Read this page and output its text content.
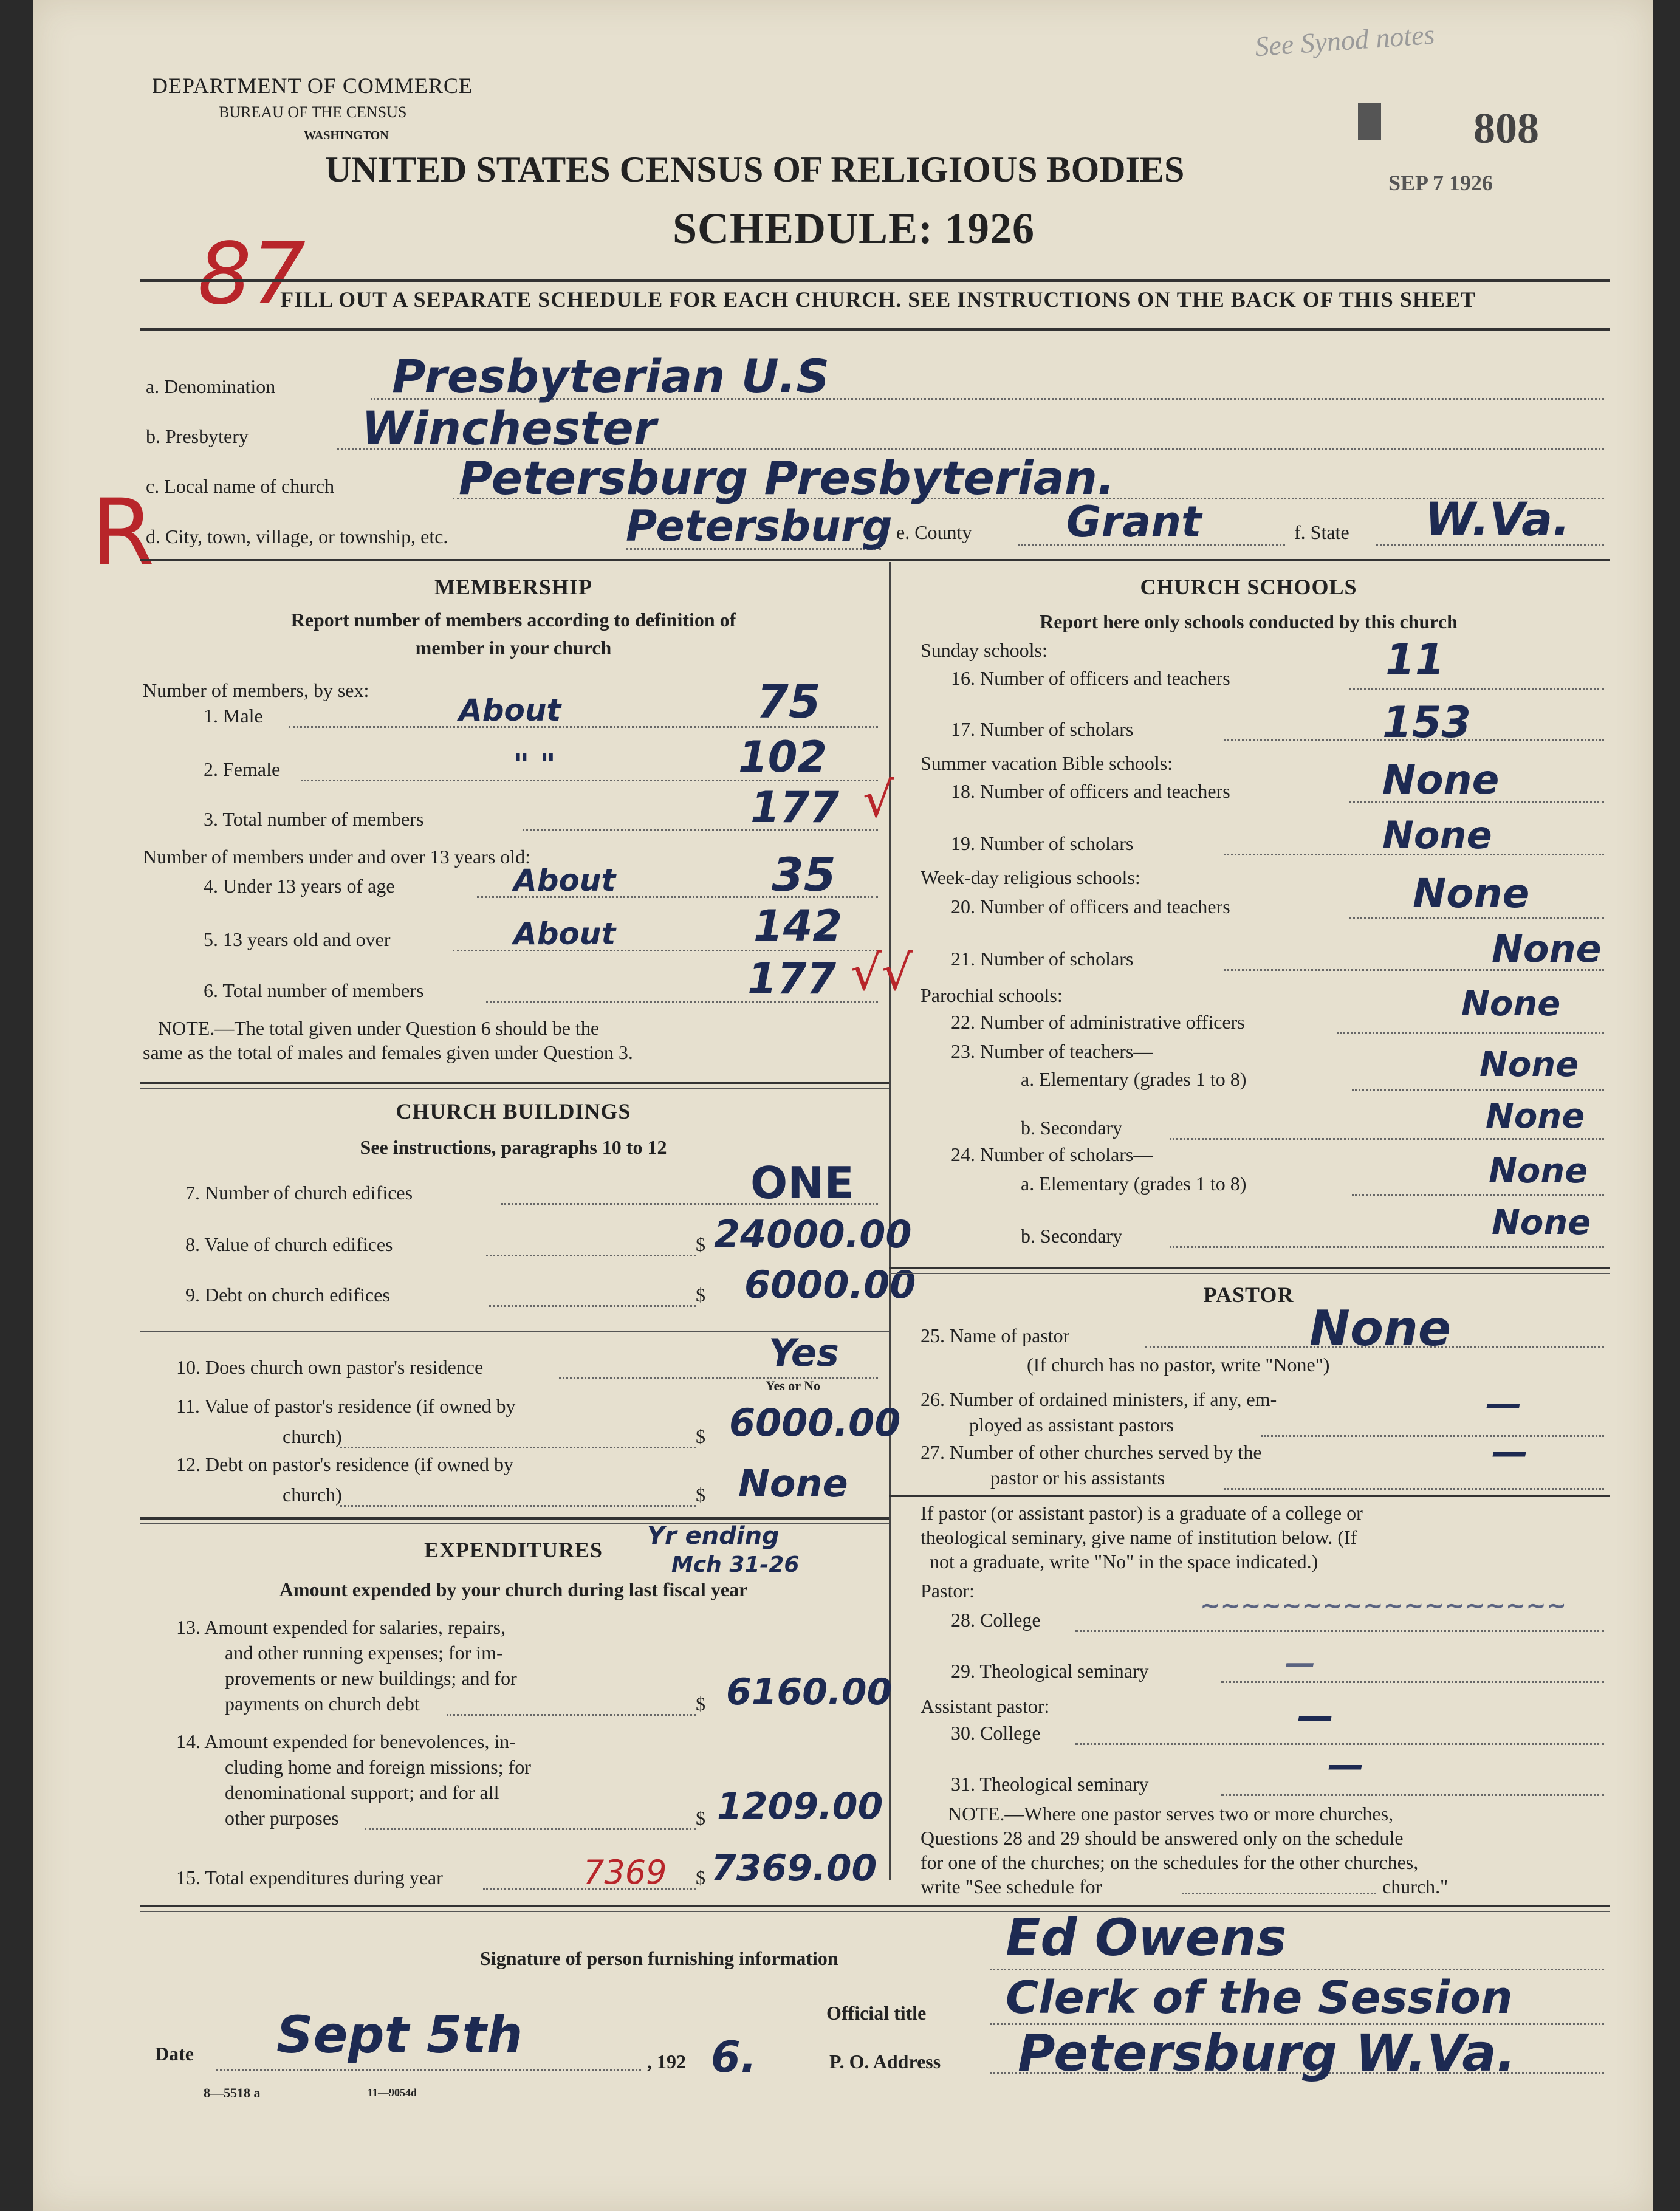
DEPARTMENT OF COMMERCE
BUREAU OF THE CENSUS
WASHINGTON
See Synod notes
808
SEP 7 1926
UNITED STATES CENSUS OF RELIGIOUS BODIES
SCHEDULE: 1926
87
FILL OUT A SEPARATE SCHEDULE FOR EACH CHURCH. SEE INSTRUCTIONS ON THE BACK OF THIS SHEET
a. Denomination	Presbyterian U.S
b. Presbytery Winchester
c. Local name of church	Petersburg Presbyterian.
R
d. City, town, village, or township, etc.	Petersburg e. County Grant	f. State W.Va.
MEMBERSHIP
Report number of members according to definition of
member in your church
Number of members, by sex:
1. Male	About	75
2. Female	" "	102
3. Total number of members	177 √
Number of members under and over 13 years old:
4. Under 13 years of age	About	35
5. 13 years old and over	About	142
6. Total number of members	177 √√
NOTE.—The total given under Question 6 should be the
same as the total of males and females given under Question 3.
CHURCH BUILDINGS
See instructions, paragraphs 10 to 12
7. Number of church edifices	ONE
8. Value of church edifices	$ 24000.00
9. Debt on church edifices	$ 6000.00
10. Does church own pastor's residence	Yes
Yes or No
11. Value of pastor's residence (if owned by
church)	$ 6000.00
12. Debt on pastor's residence (if owned by
church)	$ None
EXPENDITURES	Yr ending
Mch 31-26
Amount expended by your church during last fiscal year
13. Amount expended for salaries, repairs,
and other running expenses; for im-
provements or new buildings; and for
payments on church debt	$ 6160.00
14. Amount expended for benevolences, in-
cluding home and foreign missions; for
denominational support; and for all
other purposes	$ 1209.00
15. Total expenditures during year	7369 $ 7369.00
CHURCH SCHOOLS
Report here only schools conducted by this church
Sunday schools:
16. Number of officers and teachers	11
17. Number of scholars	153
Summer vacation Bible schools:
18. Number of officers and teachers	None
19. Number of scholars	None
Week-day religious schools:
20. Number of officers and teachers	None
21. Number of scholars	None
Parochial schools:
22. Number of administrative officers	None
23. Number of teachers—
a. Elementary (grades 1 to 8)	None
b. Secondary	None
24. Number of scholars—
a. Elementary (grades 1 to 8)	None
b. Secondary	None
PASTOR
25. Name of pastor	None
(If church has no pastor, write "None")
26. Number of ordained ministers, if any, em-
ployed as assistant pastors	—
27. Number of other churches served by the
pastor or his assistants
—
If pastor (or assistant pastor) is a graduate of a college or
theological seminary, give name of institution below. (If
not a graduate, write "No" in the space indicated.)
Pastor:
28. College	~~~~~~~~~~~~~~~~~~
29. Theological seminary	—
Assistant pastor:
30. College	—
31. Theological seminary	—
NOTE.—Where one pastor serves two or more churches,
Questions 28 and 29 should be answered only on the schedule
for one of the churches; on the schedules for the other churches,
write "See schedule for	church."
Signature of person furnishing information	Ed Owens
Official title Clerk of the Session
Date Sept 5th	, 192 6.	P. O. Address Petersburg W.Va.
8—5518 a	11—9054d
